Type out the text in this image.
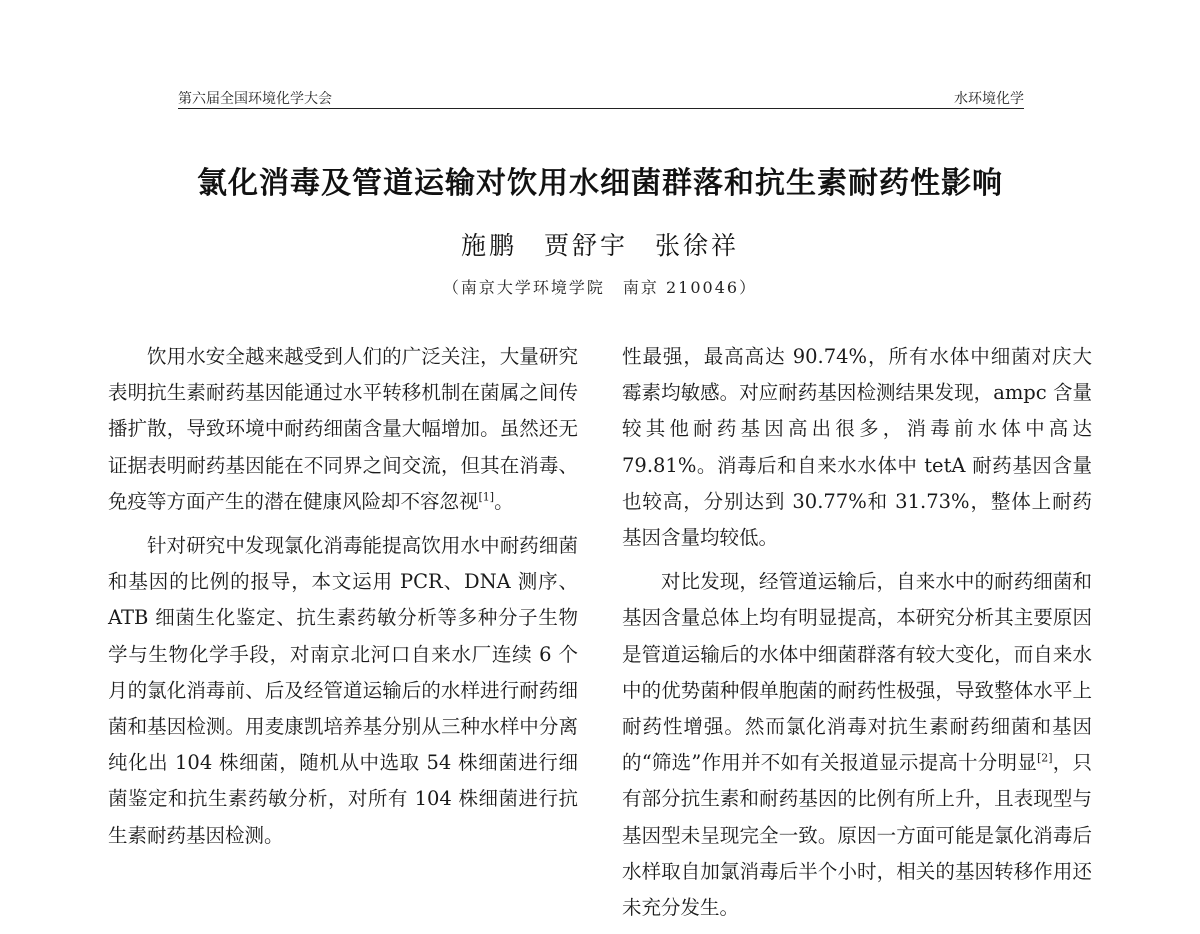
第六届全国环境化学大会	水环境化学
氯化消毒及管道运输对饮用水细菌群落和抗生素耐药性影响
施鹏 贾舒宇 张徐祥
（南京大学环境学院　南京 210046）

饮用水安全越来越受到人们的广泛关注，大量研究表明抗生素耐药基因能通过水平转移机制在菌属之间传播扩散，导致环境中耐药细菌含量大幅增加。虽然还无证据表明耐药基因能在不同界之间交流，但其在消毒、免疫等方面产生的潜在健康风险却不容忽视[1]。

针对研究中发现氯化消毒能提高饮用水中耐药细菌和基因的比例的报导，本文运用 PCR、DNA 测序、ATB 细菌生化鉴定、抗生素药敏分析等多种分子生物学与生物化学手段，对南京北河口自来水厂连续 6 个月的氯化消毒前、后及经管道运输后的水样进行耐药细菌和基因检测。用麦康凯培养基分别从三种水样中分离纯化出 104 株细菌，随机从中选取 54 株细菌进行细菌鉴定和抗生素药敏分析，对所有 104 株细菌进行抗生素耐药基因检测。

性最强，最高高达 90.74%，所有水体中细菌对庆大霉素均敏感。对应耐药基因检测结果发现，ampc 含量较其他耐药基因高出很多，消毒前水体中高达 79.81%。消毒后和自来水水体中 tetA 耐药基因含量也较高，分别达到 30.77%和 31.73%，整体上耐药基因含量均较低。

对比发现，经管道运输后，自来水中的耐药细菌和基因含量总体上均有明显提高，本研究分析其主要原因是管道运输后的水体中细菌群落有较大变化，而自来水中的优势菌种假单胞菌的耐药性极强，导致整体水平上耐药性增强。然而氯化消毒对抗生素耐药细菌和基因的“筛选”作用并不如有关报道显示提高十分明显[2]，只有部分抗生素和耐药基因的比例有所上升，且表现型与基因型未呈现完全一致。原因一方面可能是氯化消毒后水样取自加氯消毒后半个小时，相关的基因转移作用还未充分发生。
